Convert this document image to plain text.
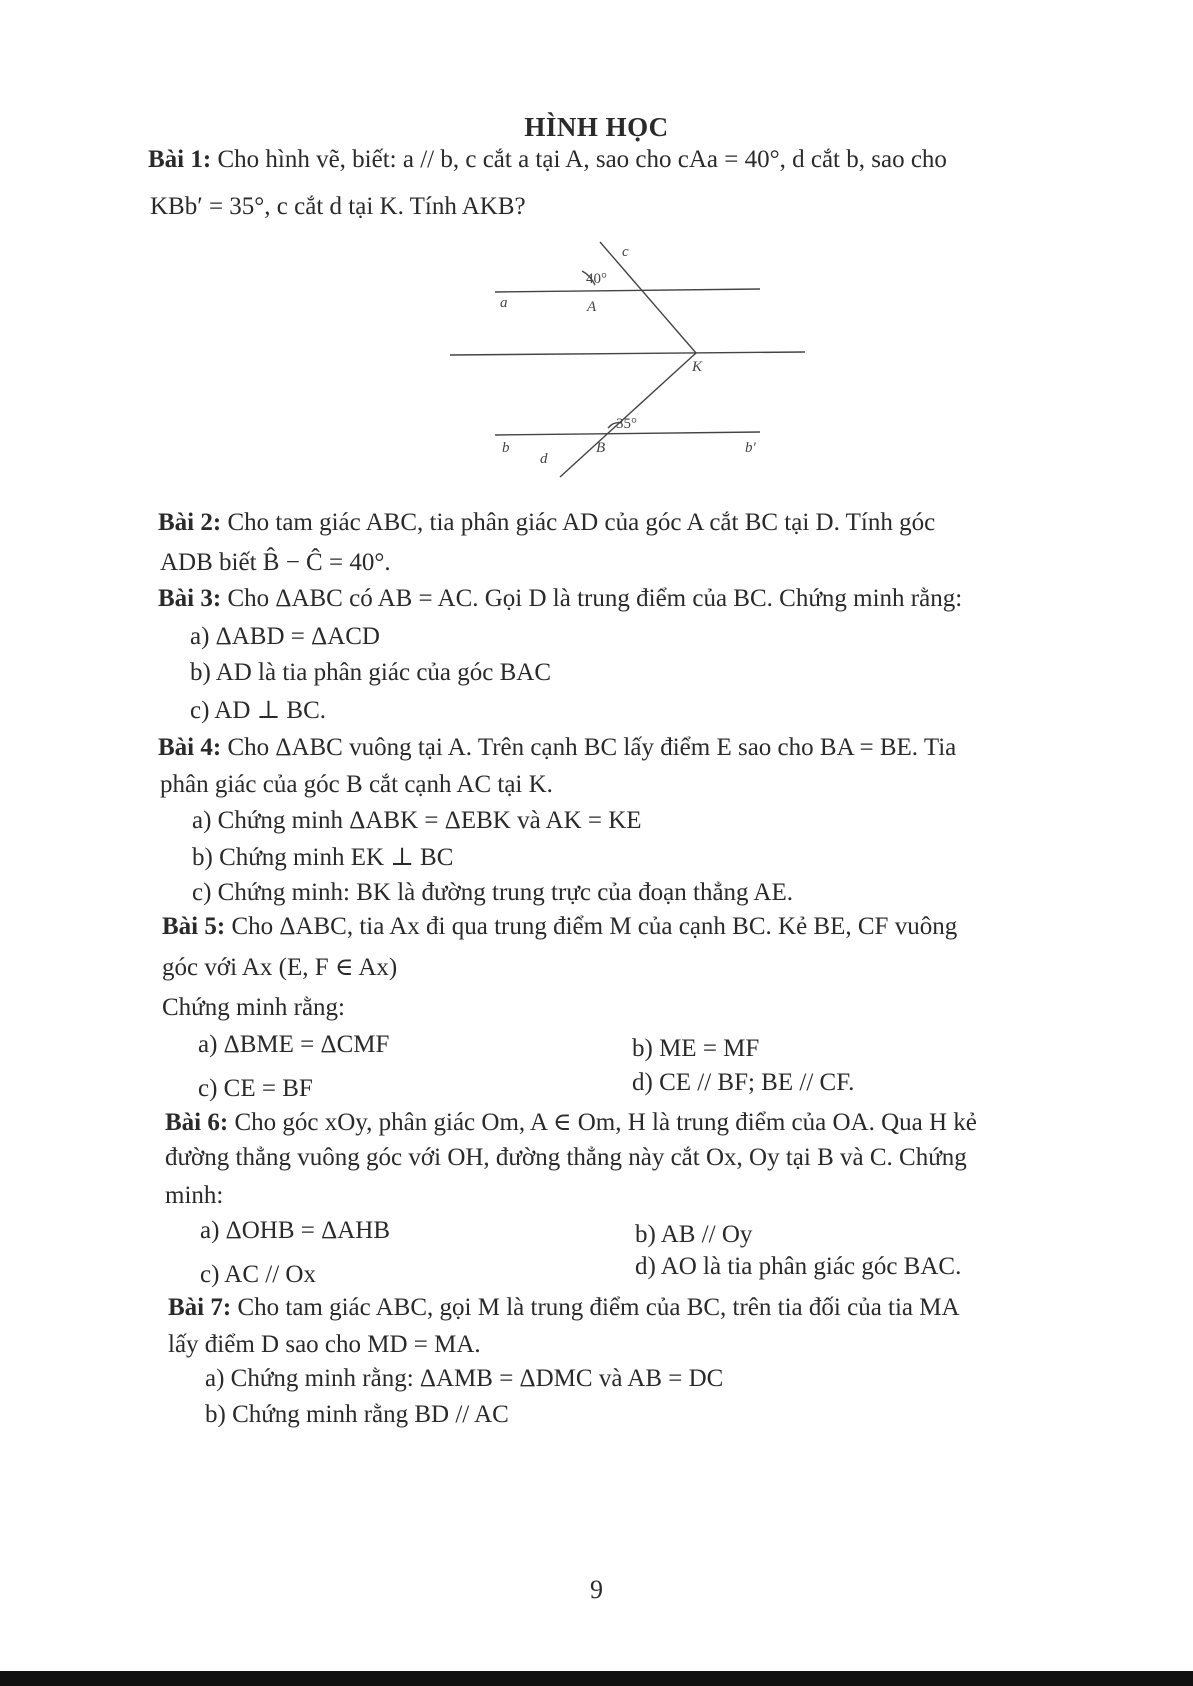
HÌNH HỌC
Bài 1: Cho hình vẽ, biết: a // b, c cắt a tại A, sao cho cAa = 40°, d cắt b, sao cho
KBb′ = 35°, c cắt d tại K. Tính AKB?
c
40°
a	A
K
35°
b	B	b′
d
Bài 2: Cho tam giác ABC, tia phân giác AD của góc A cắt BC tại D. Tính góc
ADB biết B̂ − Ĉ = 40°.
Bài 3: Cho ΔABC có AB = AC. Gọi D là trung điểm của BC. Chứng minh rằng:
a) ΔABD = ΔACD
b) AD là tia phân giác của góc BAC
c) AD ⊥ BC.
Bài 4: Cho ΔABC vuông tại A. Trên cạnh BC lấy điểm E sao cho BA = BE. Tia
phân giác của góc B cắt cạnh AC tại K.
a) Chứng minh ΔABK = ΔEBK và AK = KE
b) Chứng minh EK ⊥ BC
c) Chứng minh: BK là đường trung trực của đoạn thẳng AE.
Bài 5: Cho ΔABC, tia Ax đi qua trung điểm M của cạnh BC. Kẻ BE, CF vuông
góc với Ax (E, F ∈ Ax)
Chứng minh rằng:
a) ΔBME = ΔCMF	b) ME = MF
c) CE = BF	d) CE // BF; BE // CF.
Bài 6: Cho góc xOy, phân giác Om, A ∈ Om, H là trung điểm của OA. Qua H kẻ
đường thẳng vuông góc với OH, đường thẳng này cắt Ox, Oy tại B và C. Chứng
minh:
a) ΔOHB = ΔAHB	b) AB // Oy
c) AC // Ox	d) AO là tia phân giác góc BAC.
Bài 7: Cho tam giác ABC, gọi M là trung điểm của BC, trên tia đối của tia MA
lấy điểm D sao cho MD = MA.
a) Chứng minh rằng: ΔAMB = ΔDMC và AB = DC
b) Chứng minh rằng BD // AC
9
